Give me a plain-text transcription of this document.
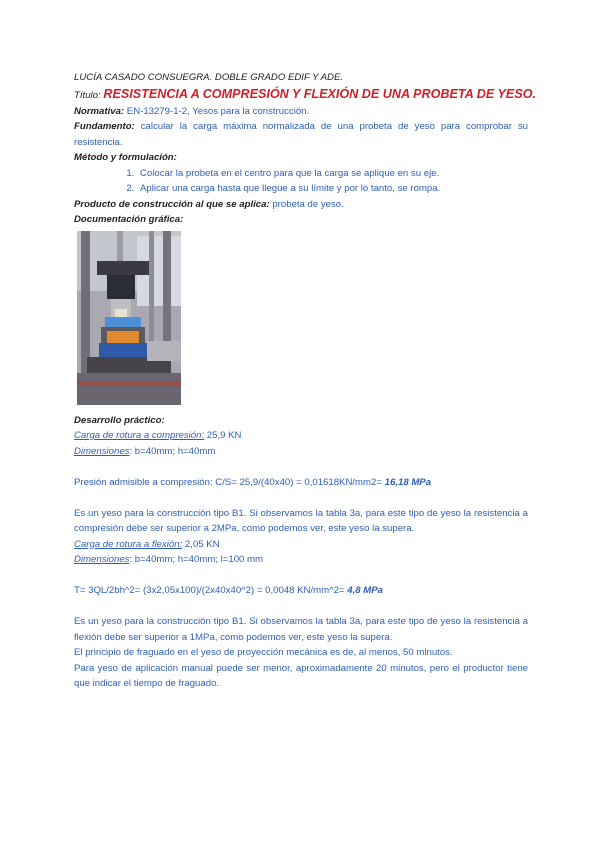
LUCÍA CASADO CONSUEGRA. DOBLE GRADO EDIF Y ADE.
Título: RESISTENCIA A COMPRESIÓN Y FLEXIÓN DE UNA PROBETA DE YESO.
Normativa: EN-13279-1-2, Yesos para la construcción.
Fundamento: calcular la carga máxima normalizada de una probeta de yeso para comprobar su resistencia.
Método y formulación:
1. Colocar la probeta en el centro para que la carga se aplique en su eje.
2. Aplicar una carga hasta que llegue a su límite y por lo tanto, se rompa.
Producto de construcción al que se aplica: probeta de yeso.
Documentación gráfica:
Desarrollo práctico:
Carga de rotura a compresión: 25,9 KN
Dimensiones: b=40mm; h=40mm
Presión admisible a compresión: C/S= 25,9/(40x40) = 0,01618KN/mm2= 16,18 MPa
Es un yeso para la construcción tipo B1. Si observamos la tabla 3a, para este tipo de yeso la resistencia a compresión debe ser superior a 2MPa, como podemos ver, este yeso la supera.
Carga de rotura a flexión: 2,05 KN
Dimensiones: b=40mm; h=40mm; l=100 mm
T= 3QL/2bh^2= (3x2,05x100)/(2x40x40^2) = 0,0048 KN/mm^2= 4,8 MPa
Es un yeso para la construcción tipo B1. Si observamos la tabla 3a, para este tipo de yeso la resistencia a flexión debe ser superior a 1MPa, como podemos ver, este yeso la supera.
El principio de fraguado en el yeso de proyección mecánica es de, al menos, 50 minutos.
Para yeso de aplicación manual puede ser menor, aproximadamente 20 minutos, pero el productor tiene que indicar el tiempo de fraguado.
